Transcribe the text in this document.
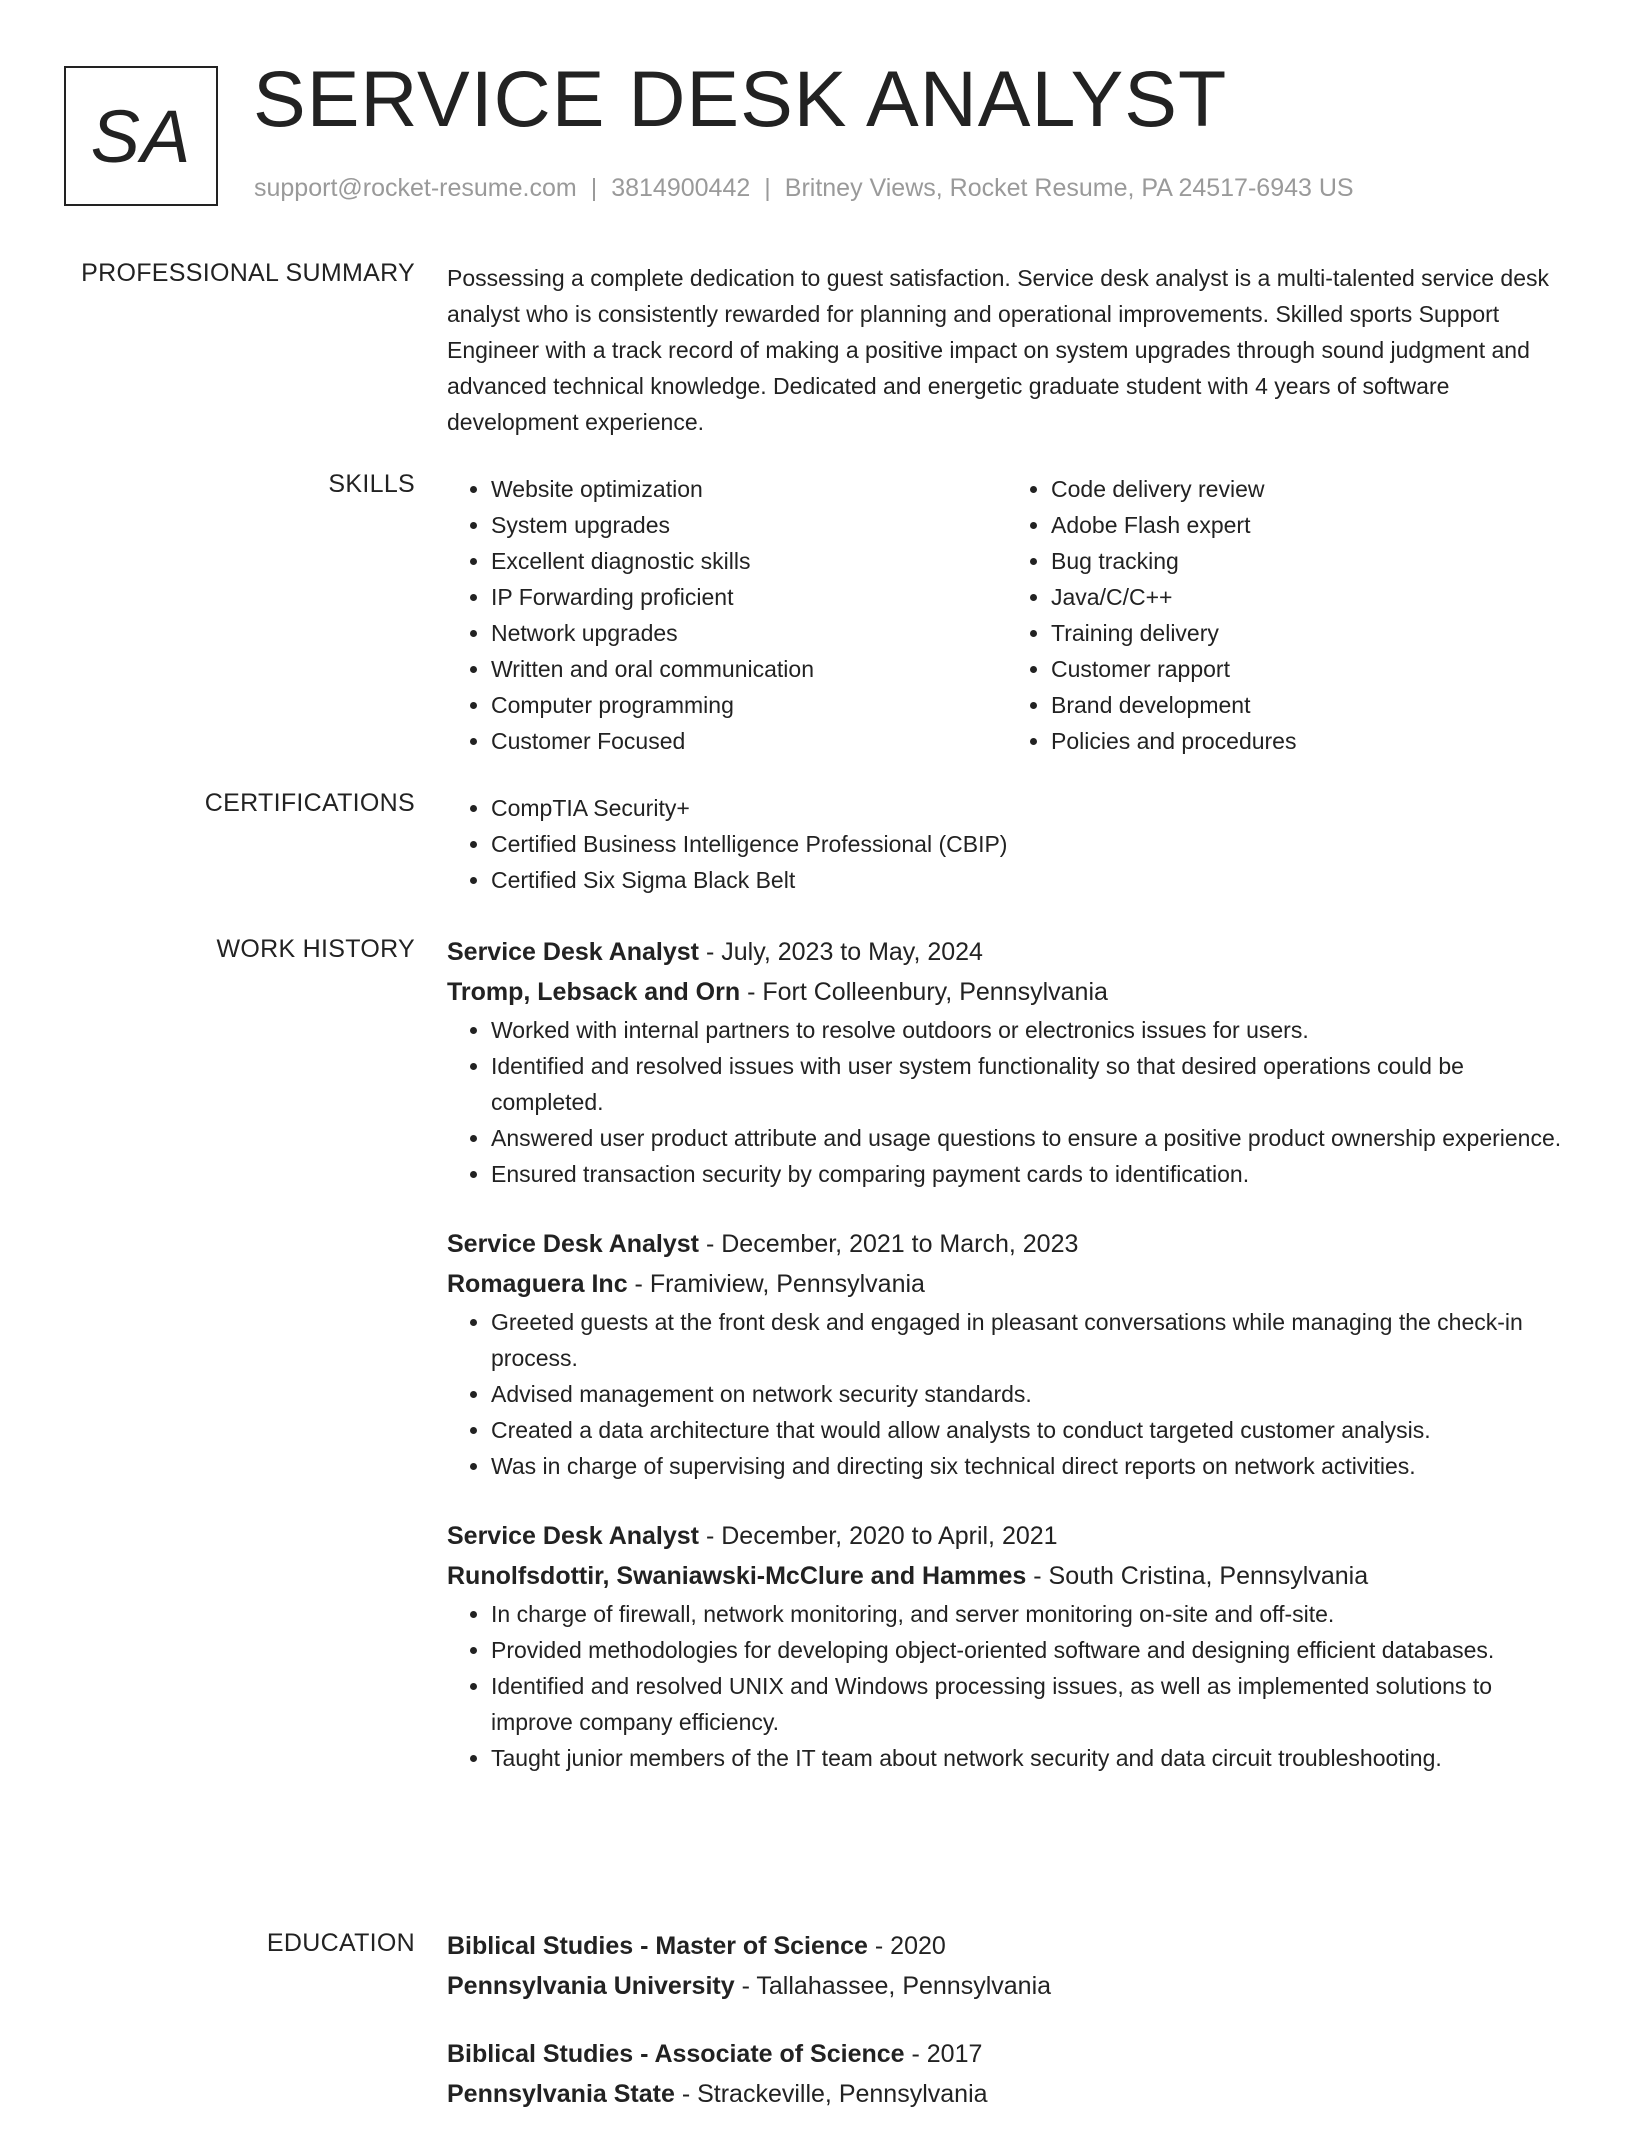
SA SERVICE DESK ANALYST
support@rocket-resume.com | 3814900442 | Britney Views, Rocket Resume, PA 24517-6943 US
PROFESSIONAL SUMMARY Possessing a complete dedication to guest satisfaction. Service desk analyst is a multi-talented service desk analyst who is consistently rewarded for planning and operational improvements. Skilled sports Support Engineer with a track record of making a positive impact on system upgrades through sound judgment and advanced technical knowledge. Dedicated and energetic graduate student with 4 years of software development experience.
SKILLS	• Website optimization
• System upgrades
• Excellent diagnostic skills
• IP Forwarding proficient
• Network upgrades
• Written and oral communication
• Computer programming
• Customer Focused
• Code delivery review
• Adobe Flash expert
• Bug tracking
• Java/C/C++
• Training delivery
• Customer rapport
• Brand development
• Policies and procedures
CERTIFICATIONS	• CompTIA Security+
• Certified Business Intelligence Professional (CBIP)
• Certified Six Sigma Black Belt
WORK HISTORY Service Desk Analyst - July, 2023 to May, 2024
Tromp, Lebsack and Orn - Fort Colleenbury, Pennsylvania
• Worked with internal partners to resolve outdoors or electronics issues for users.
• Identified and resolved issues with user system functionality so that desired operations could be completed.
• Answered user product attribute and usage questions to ensure a positive product ownership experience.
• Ensured transaction security by comparing payment cards to identification.
Service Desk Analyst - December, 2021 to March, 2023
Romaguera Inc - Framiview, Pennsylvania
• Greeted guests at the front desk and engaged in pleasant conversations while managing the check-in process.
• Advised management on network security standards.
• Created a data architecture that would allow analysts to conduct targeted customer analysis.
• Was in charge of supervising and directing six technical direct reports on network activities.
Service Desk Analyst - December, 2020 to April, 2021
Runolfsdottir, Swaniawski-McClure and Hammes - South Cristina, Pennsylvania
• In charge of firewall, network monitoring, and server monitoring on-site and off-site.
• Provided methodologies for developing object-oriented software and designing efficient databases.
• Identified and resolved UNIX and Windows processing issues, as well as implemented solutions to improve company efficiency.
• Taught junior members of the IT team about network security and data circuit troubleshooting.
EDUCATION Biblical Studies - Master of Science - 2020
Pennsylvania University - Tallahassee, Pennsylvania
Biblical Studies - Associate of Science - 2017
Pennsylvania State - Strackeville, Pennsylvania
